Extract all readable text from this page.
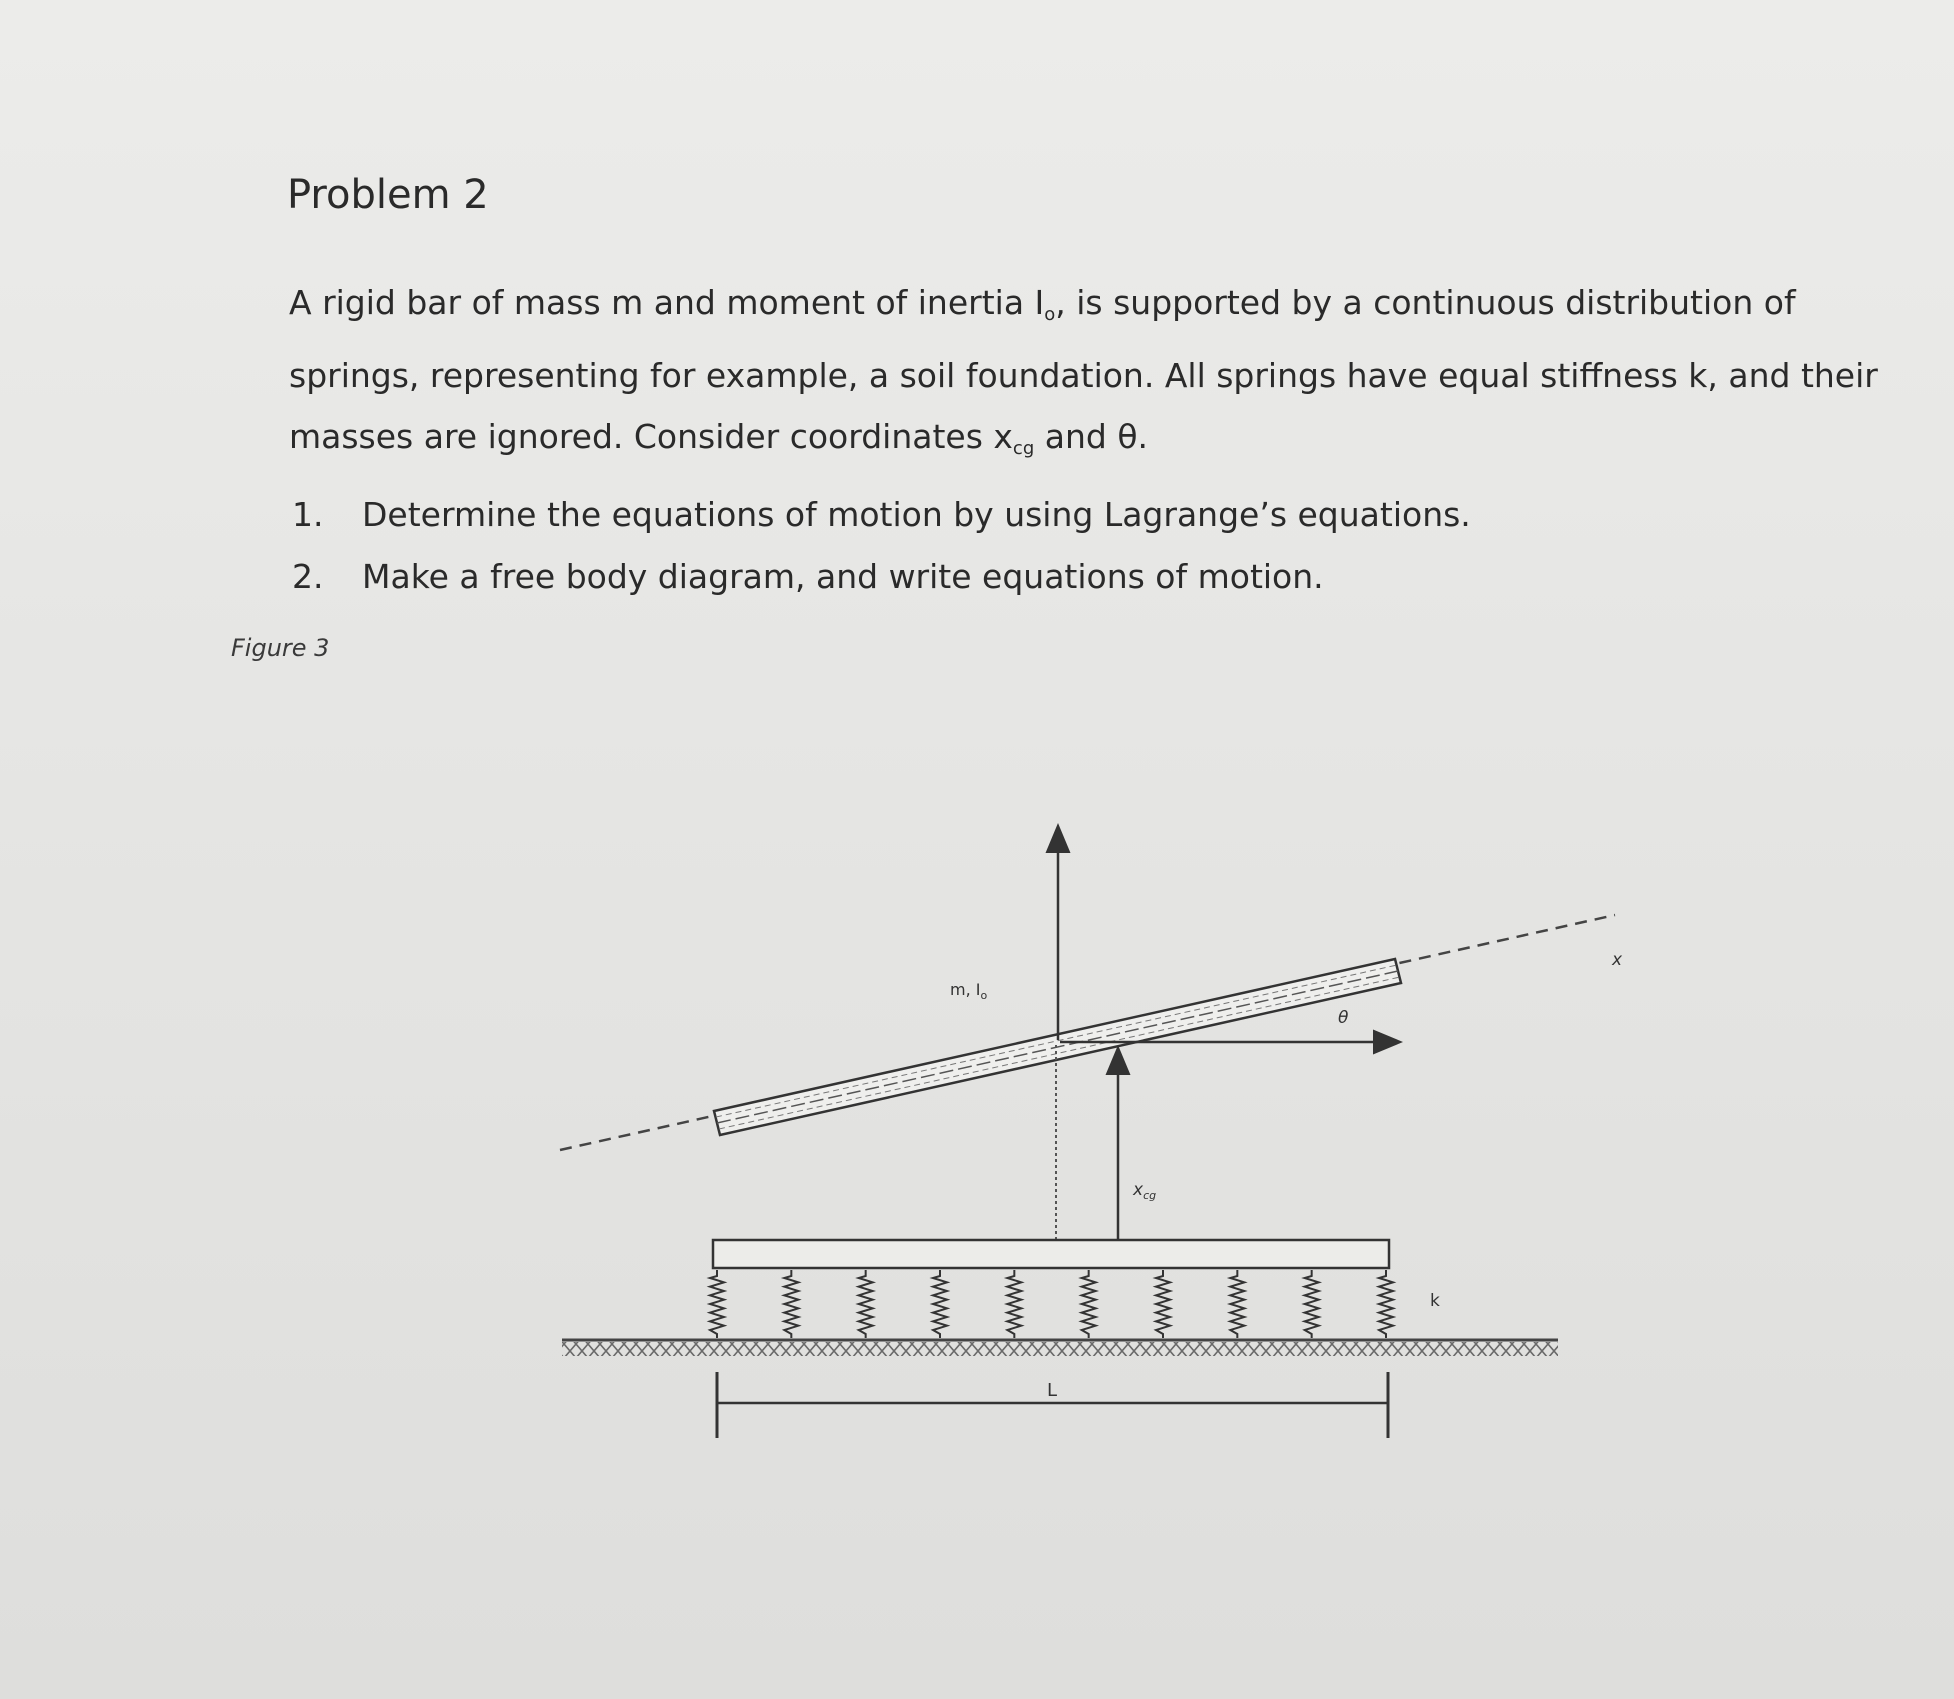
Problem 2
A rigid bar of mass m and moment of inertia $I_o$, is supported by a continuous distribution of
springs, representing for example, a soil foundation. All springs have equal stiffness k, and their
masses are ignored. Consider coordinates $x_{cg}$ and θ.
1. Determine the equations of motion by using Lagrange’s equations.
2. Make a free body diagram, and write equations of motion.
Figure 3
m, $I_o$
θ
$x_{cg}$
x
k
L
